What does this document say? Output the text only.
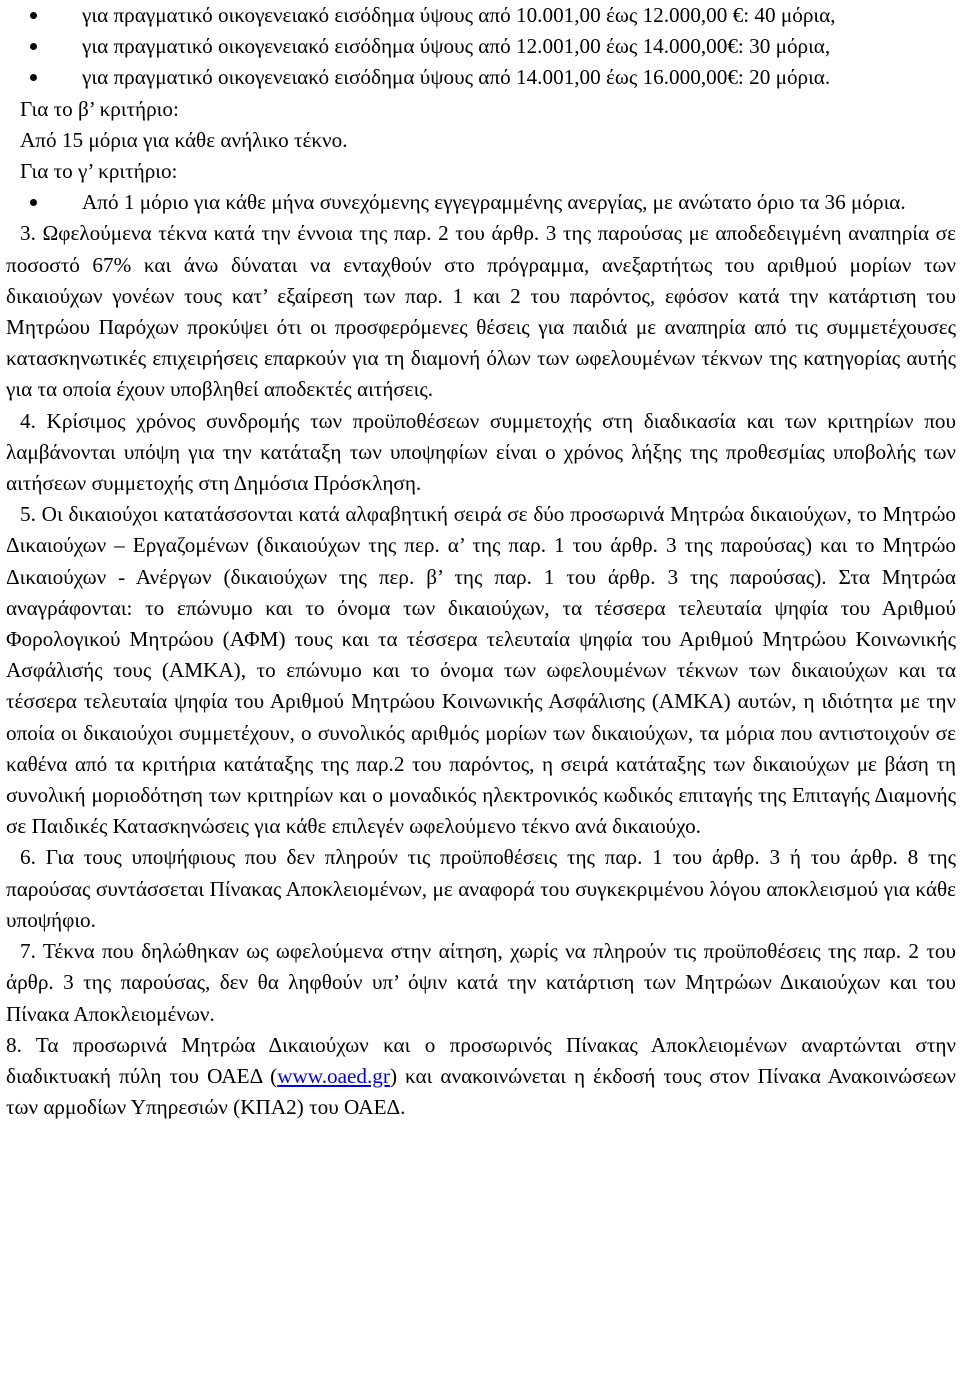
για πραγματικό οικογενειακό εισόδημα ύψους από 10.001,00 έως 12.000,00 €: 40 μόρια,
για πραγματικό οικογενειακό εισόδημα ύψους από 12.001,00 έως 14.000,00€: 30 μόρια,
για πραγματικό οικογενειακό εισόδημα ύψους από 14.001,00 έως 16.000,00€: 20 μόρια.
Για το β’ κριτήριο:
Από 15 μόρια για κάθε ανήλικο τέκνο.
Για το γ’ κριτήριο:
Από 1 μόριο για κάθε μήνα συνεχόμενης εγγεγραμμένης ανεργίας, με ανώτατο όριο τα 36 μόρια.
3. Ωφελούμενα τέκνα κατά την έννοια της παρ. 2 του άρθρ. 3 της παρούσας με αποδεδειγμένη αναπηρία σε ποσοστό 67% και άνω δύναται να ενταχθούν στο πρόγραμμα, ανεξαρτήτως του αριθμού μορίων των δικαιούχων γονέων τους κατ’ εξαίρεση των παρ. 1 και 2 του παρόντος, εφόσον κατά την κατάρτιση του Μητρώου Παρόχων προκύψει ότι οι προσφερόμενες θέσεις για παιδιά με αναπηρία από τις συμμετέχουσες κατασκηνωτικές επιχειρήσεις επαρκούν για τη διαμονή όλων των ωφελουμένων τέκνων της κατηγορίας αυτής για τα οποία έχουν υποβληθεί αποδεκτές αιτήσεις.
4. Κρίσιμος χρόνος συνδρομής των προϋποθέσεων συμμετοχής στη διαδικασία και των κριτηρίων που λαμβάνονται υπόψη για την κατάταξη των υποψηφίων είναι ο χρόνος λήξης της προθεσμίας υποβολής των αιτήσεων συμμετοχής στη Δημόσια Πρόσκληση.
5. Οι δικαιούχοι κατατάσσονται κατά αλφαβητική σειρά σε δύο προσωρινά Μητρώα δικαιούχων, το Μητρώο Δικαιούχων – Εργαζομένων (δικαιούχων της περ. α’ της παρ. 1 του άρθρ. 3 της παρούσας) και το Μητρώο Δικαιούχων - Ανέργων (δικαιούχων της περ. β’ της παρ. 1 του άρθρ. 3 της παρούσας). Στα Μητρώα αναγράφονται: το επώνυμο και το όνομα των δικαιούχων, τα τέσσερα τελευταία ψηφία του Αριθμού Φορολογικού Μητρώου (ΑΦΜ) τους και τα τέσσερα τελευταία ψηφία του Αριθμού Μητρώου Κοινωνικής Ασφάλισής τους (ΑΜΚΑ), το επώνυμο και το όνομα των ωφελουμένων τέκνων των δικαιούχων και τα τέσσερα τελευταία ψηφία του Αριθμού Μητρώου Κοινωνικής Ασφάλισης (ΑΜΚΑ) αυτών, η ιδιότητα με την οποία οι δικαιούχοι συμμετέχουν, ο συνολικός αριθμός μορίων των δικαιούχων, τα μόρια που αντιστοιχούν σε καθένα από τα κριτήρια κατάταξης της παρ.2 του παρόντος, η σειρά κατάταξης των δικαιούχων με βάση τη συνολική μοριοδότηση των κριτηρίων και ο μοναδικός ηλεκτρονικός κωδικός επιταγής της Επιταγής Διαμονής σε Παιδικές Κατασκηνώσεις για κάθε επιλεγέν ωφελούμενο τέκνο ανά δικαιούχο.
6. Για τους υποψήφιους που δεν πληρούν τις προϋποθέσεις της παρ. 1 του άρθρ. 3 ή του άρθρ. 8 της παρούσας συντάσσεται Πίνακας Αποκλειομένων, με αναφορά του συγκεκριμένου λόγου αποκλεισμού για κάθε υποψήφιο.
7. Τέκνα που δηλώθηκαν ως ωφελούμενα στην αίτηση, χωρίς να πληρούν τις προϋποθέσεις της παρ. 2 του άρθρ. 3 της παρούσας, δεν θα ληφθούν υπ’ όψιν κατά την κατάρτιση των Μητρώων Δικαιούχων και του Πίνακα Αποκλειομένων.
8. Τα προσωρινά Μητρώα Δικαιούχων και ο προσωρινός Πίνακας Αποκλειομένων αναρτώνται στην διαδικτυακή πύλη του ΟΑΕΔ (www.oaed.gr) και ανακοινώνεται η έκδοσή τους στον Πίνακα Ανακοινώσεων των αρμοδίων Υπηρεσιών (ΚΠΑ2) του ΟΑΕΔ.
